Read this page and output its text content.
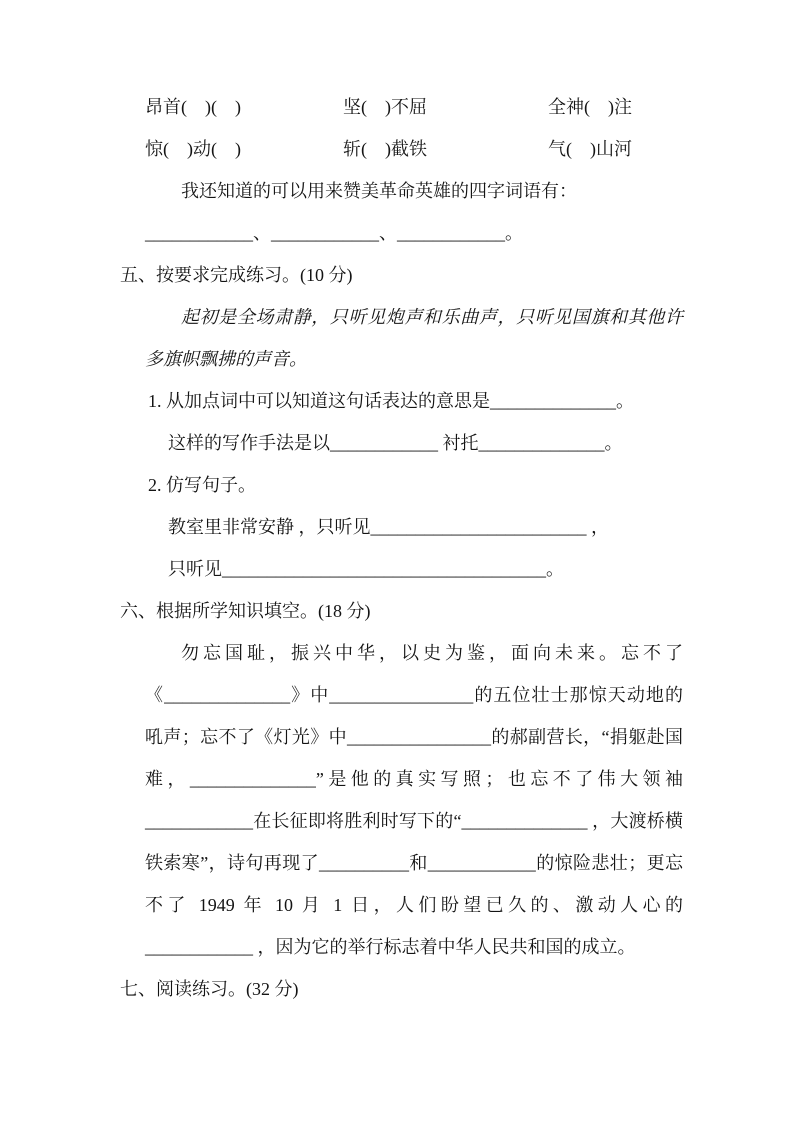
昂首(　)(　)	坚(　)不屈	全神(　)注
惊(　)动(　)	斩(　)截铁	气(　)山河

我还知道的可以用来赞美革命英雄的四字词语有：

____________、____________、____________。

五、按要求完成练习。(10 分)

起初是全场肃静，只听见炮声和乐曲声，只听见国旗和其他许多旗帜飘拂的声音。

1. 从加点词中可以知道这句话表达的意思是______________。

这样的写作手法是以____________ 衬托______________。

2. 仿写句子。

教室里非常安静 ，只听见________________________ ，

只听见____________________________________。

六、根据所学知识填空。(18 分)

勿忘国耻，振兴中华，以史为鉴，面向未来。忘不了《______________》中________________的五位壮士那惊天动地的吼声；忘不了《灯光》中________________的郝副营长，“捐躯赴国难，______________”是他的真实写照；也忘不了伟大领袖____________在长征即将胜利时写下的“______________ ，大渡桥横铁索寒”，诗句再现了__________和____________的惊险悲壮；更忘不了 1949 年 10 月 1 日，人们盼望已久的、激动人心的____________ ，因为它的举行标志着中华人民共和国的成立。

七、阅读练习。(32 分)
